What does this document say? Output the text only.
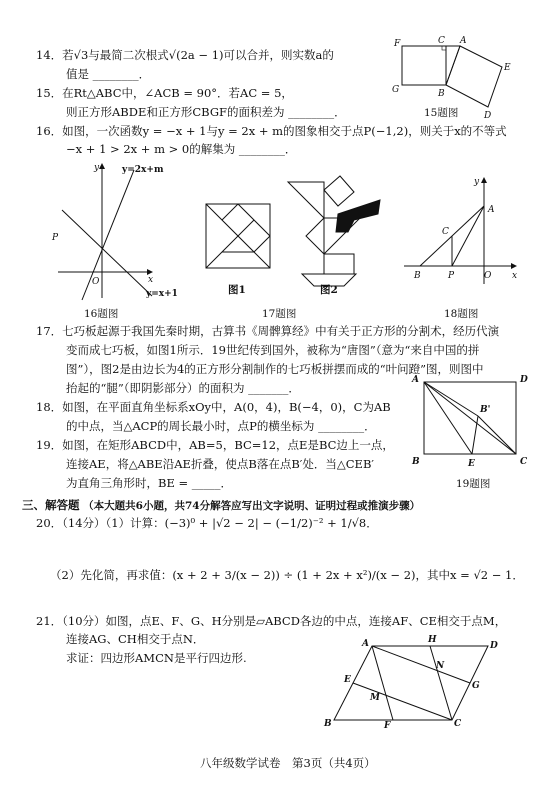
14．若√3与最简二次根式√(2a − 1)可以合并，则实数a的
值是 ________．
15．在Rt△ABC中，∠ACB = 90°．若AC = 5，
则正方形ABDE和正方形CBGF的面积差为 ________．
F	C A
E
G	B
D
15题图
16．如图，一次函数y = −x + 1与y = 2x + m的图象相交于点P(−1,2)，则关于x的不等式
−x + 1 > 2x + m > 0的解集为 ________．
y
x
O
P
y=2x+m
y=x+1
16题图
图1	图2
17题图
y
x
A
C
B	P	O
18题图
17．七巧板起源于我国先秦时期，古算书《周髀算经》中有关于正方形的分割术，经历代演
变而成七巧板，如图1所示．19世纪传到国外，被称为“唐图”（意为“来自中国的拼
图”），图2是由边长为4的正方形分割制作的七巧板拼摆而成的“叶问蹬”图，则图中
抬起的“腿”（即阴影部分）的面积为 _______．
18．如图，在平面直角坐标系xOy中，A(0，4)，B(−4，0)，C为AB
的中点，当△ACP的周长最小时，点P的横坐标为 ________．
A	D
B'
B	E	C
19．如图，在矩形ABCD中，AB=5，BC=12，点E是BC边上一点，
连接AE，将△ABE沿AE折叠，使点B落在点B′处．当△CEB′
为直角三角形时，BE = _____．	19题图
三、解答题 （本大题共6小题，共74分解答应写出文字说明、证明过程或推演步骤）
20．（14分）（1）计算：(−3)⁰ + |√2 − 2| − (−1/2)⁻² + 1/√8．
（2）先化简，再求值：(x + 2 + 3/(x − 2)) ÷ (1 + 2x + x²)/(x − 2)，其中x = √2 − 1．
21．（10分）如图，点E、F、G、H分别是▱ABCD各边的中点，连接AF、CE相交于点M，
连接AG、CH相交于点N．
求证：四边形AMCN是平行四边形.
A	H
D
N
E
G
M
B	F	C
八年级数学试卷　第3页（共4页）
